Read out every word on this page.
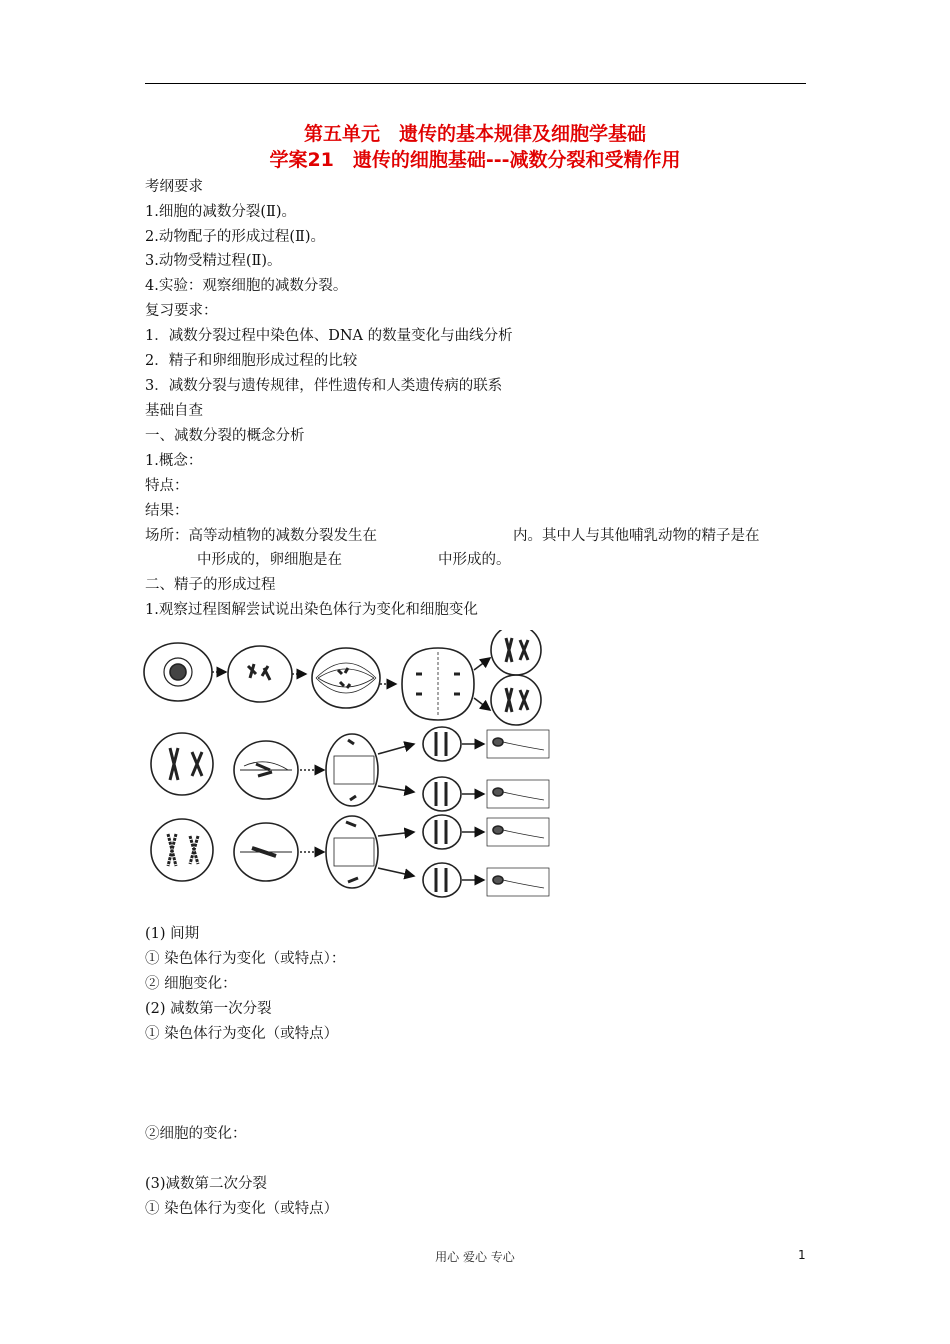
第五单元　遗传的基本规律及细胞学基础
学案21　遗传的细胞基础---减数分裂和受精作用
考纲要求
1.细胞的减数分裂(Ⅱ)。
2.动物配子的形成过程(Ⅱ)。
3.动物受精过程(Ⅱ)。
4.实验：观察细胞的减数分裂。
复习要求：
1．减数分裂过程中染色体、DNA 的数量变化与曲线分析
2．精子和卵细胞形成过程的比较
3．减数分裂与遗传规律，伴性遗传和人类遗传病的联系
基础自查
一、减数分裂的概念分析
1.概念：
特点：
结果：
场所：高等动植物的减数分裂发生在	内。其中人与其他哺乳动物的精子是在
中形成的，卵细胞是在	中形成的。
二、精子的形成过程
1.观察过程图解尝试说出染色体行为变化和细胞变化
(1) 间期
① 染色体行为变化（或特点）：
② 细胞变化：
(2) 减数第一次分裂
① 染色体行为变化（或特点）
②细胞的变化：
(3)减数第二次分裂
① 染色体行为变化（或特点）
用心 爱心 专心	1
